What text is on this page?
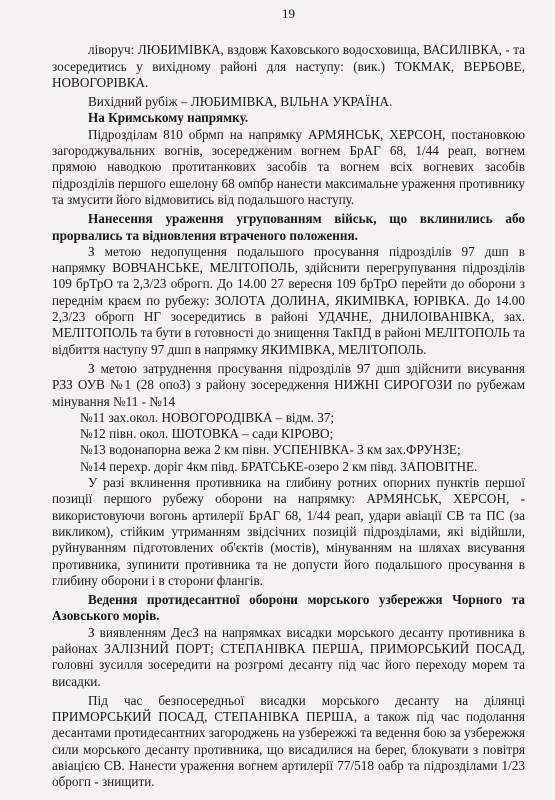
19

ліворуч: ЛЮБИМІВКА, вздовж Каховського водосховища, ВАСИЛІВКА, - та зосередитись у вихідному районі для наступу: (вик.) ТОКМАК, ВЕРБОВЕ, НОВОГОРІВКА.

Вихідний рубіж – ЛЮБИМІВКА, ВІЛЬНА УКРАЇНА.

На Кримському напрямку.

Підрозділам 810 обрмп на напрямку АРМЯНСЬК, ХЕРСОН, постановкою загороджувальних вогнів, зосередженим вогнем БрАГ 68, 1/44 реап, вогнем прямою наводкою протитанкових засобів та вогнем всіх вогневих засобів підрозділів першого ешелону 68 омпбр нанести максимальне ураження противнику та змусити його відмовитись від подальшого наступу.

Нанесення ураження угрупованням військ, що вклинились або прорвались та відновлення втраченого положення.

З метою недопущення подальшого просування підрозділів 97 дшп в напрямку ВОВЧАНСЬКЕ, МЕЛІТОПОЛЬ, здійснити перегрупування підрозділів 109 брТрО та 2,3/23 оброгп. До 14.00 27 вересня 109 брТрО перейти до оборони з переднім краєм по рубежу: ЗОЛОТА ДОЛИНА, ЯКИМІВКА, ЮРІВКА. До 14.00 2,3/23 оброгп НГ зосередитись в районі УДАЧНЕ, ДНИЛОІВАНІВКА, зах. МЕЛІТОПОЛЬ та бути в готовності до знищення ТакПД в районі МЕЛІТОПОЛЬ та відбиття наступу 97 дшп в напрямку ЯКИМІВКА, МЕЛІТОПОЛЬ.

З метою затруднення просування підрозділів 97 дшп здійснити висування РЗЗ ОУВ №1 (28 опоЗ) з району зосередження НИЖНІ СИРОГОЗИ по рубежам мінування №11 - №14

№11 зах.окол. НОВОГОРОДІВКА – відм. 37;

№12 півн. окол. ШОТОВКА – сади КІРОВО;

№13 водонапорна вежа 2 км півн. УСПЕНІВКА- 3 км зах.ФРУНЗЕ;

№14 перехр. доріг 4км півд. БРАТСЬКЕ-озеро 2 км півд. ЗАПОВІТНЕ.

У разі вклинення противника на глибину ротних опорних пунктів першої позиції першого рубежу оборони на напрямку: АРМЯНСЬК, ХЕРСОН, - використовуючи вогонь артилерії БрАГ 68, 1/44 реап, удари авіації СВ та ПС (за викликом), стійким утриманням звідсічних позицій підрозділами, які відійшли, руйнуванням підготовлених об'єктів (мостів), мінуванням на шляхах висування противника, зупинити противника та не допусти його подальшого просування в глибину оборони і в сторони флангів.

Ведення протидесантної оборони морського узбережжя Чорного та Азовського морів.

З виявленням ДесЗ на напрямках висадки морського десанту противника в районах ЗАЛІЗНИЙ ПОРТ; СТЕПАНІВКА ПЕРША, ПРИМОРСЬКИЙ ПОСАД, головні зусилля зосередити на розгромі десанту під час його переходу морем та висадки.

Під час безпосередньої висадки морського десанту на ділянці ПРИМОРСЬКИЙ ПОСАД, СТЕПАНІВКА ПЕРША, а також під час подолання десантами протидесантних загороджень на узбережжі та ведення бою за узбережжя сили морського десанту противника, що висадилися на берег, блокувати з повітря авіацією СВ. Нанести ураження вогнем артилерії 77/518 оабр та підрозділами 1/23 оброгп - знищити.
